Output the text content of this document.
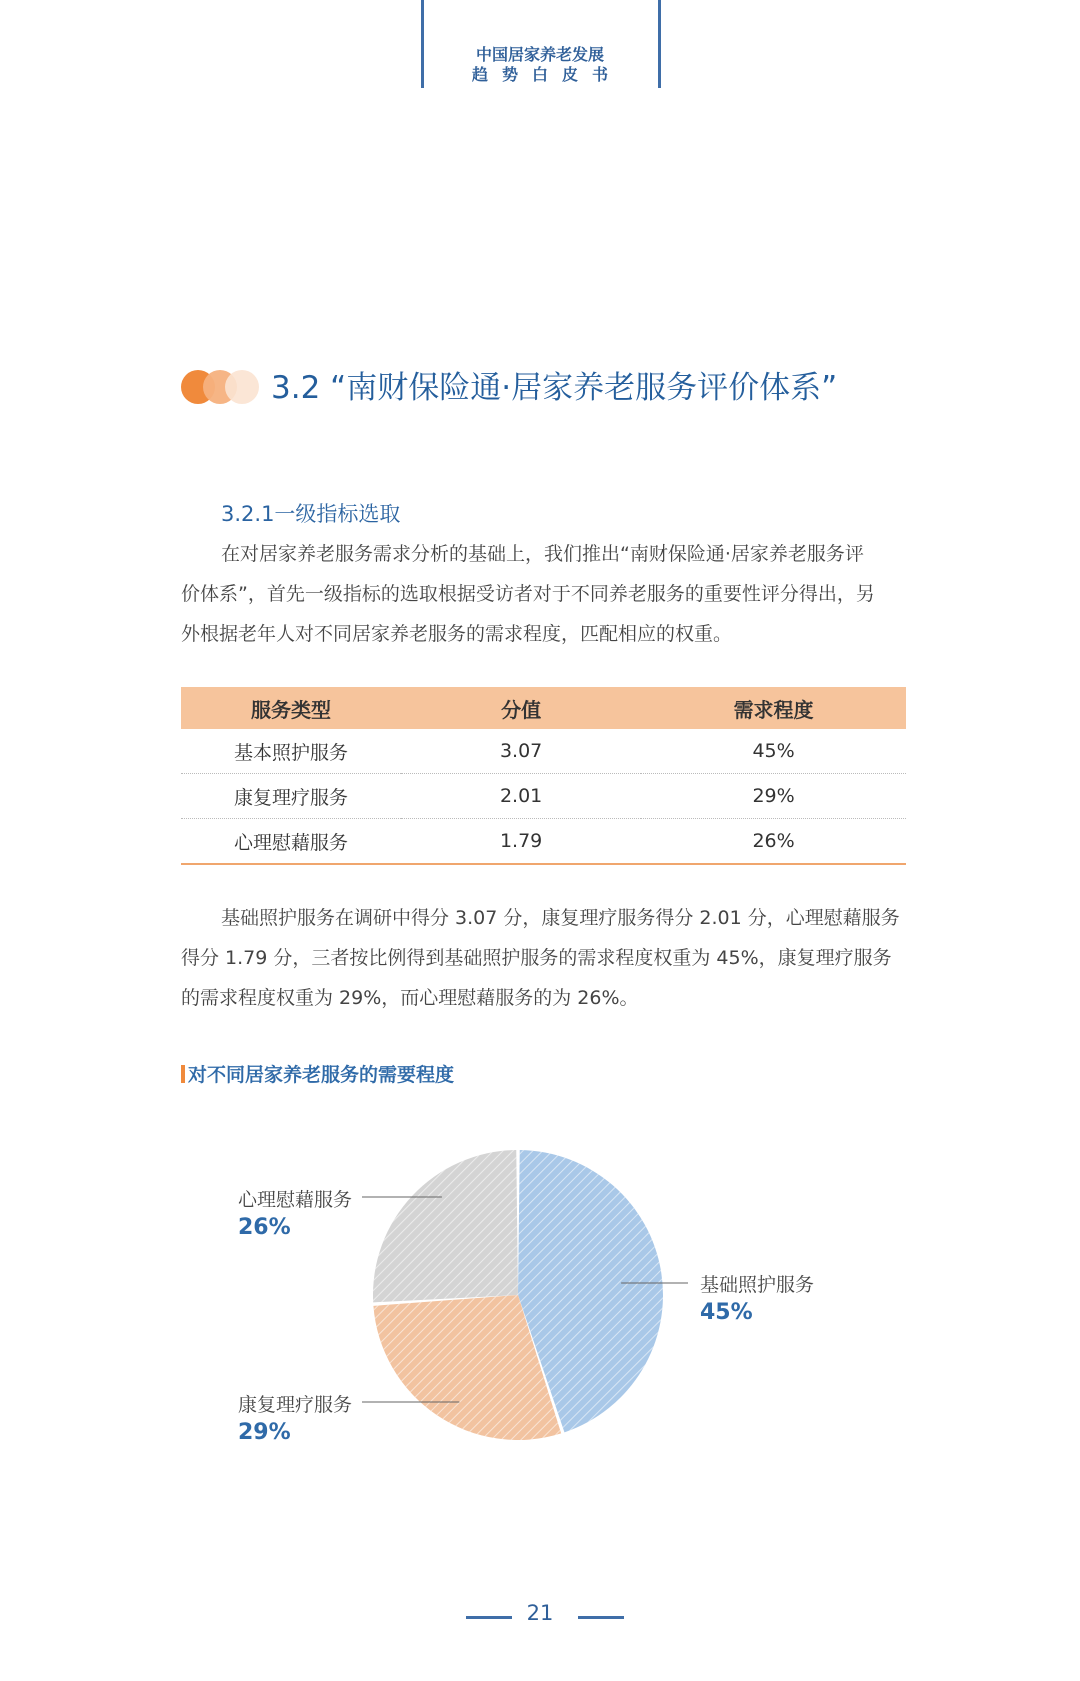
中国居家养老发展
趋势白皮书
3.2 “南财保险通·居家养老服务评价体系”
3.2.1一级指标选取

在对居家养老服务需求分析的基础上，我们推出“南财保险通·居家养老服务评

价体系”，首先一级指标的选取根据受访者对于不同养老服务的重要性评分得出，另

外根据老年人对不同居家养老服务的需求程度，匹配相应的权重。

服务类型	分值	需求程度
基本照护服务	3.07	45%
康复理疗服务	2.01	29%
心理慰藉服务	1.79	26%

基础照护服务在调研中得分 3.07 分，康复理疗服务得分 2.01 分，心理慰藉服务

得分 1.79 分，三者按比例得到基础照护服务的需求程度权重为 45%，康复理疗服务

的需求程度权重为 29%，而心理慰藉服务的为 26%。

对不同居家养老服务的需要程度
心理慰藉服务
26%
基础照护服务
45%
康复理疗服务
29%
21
